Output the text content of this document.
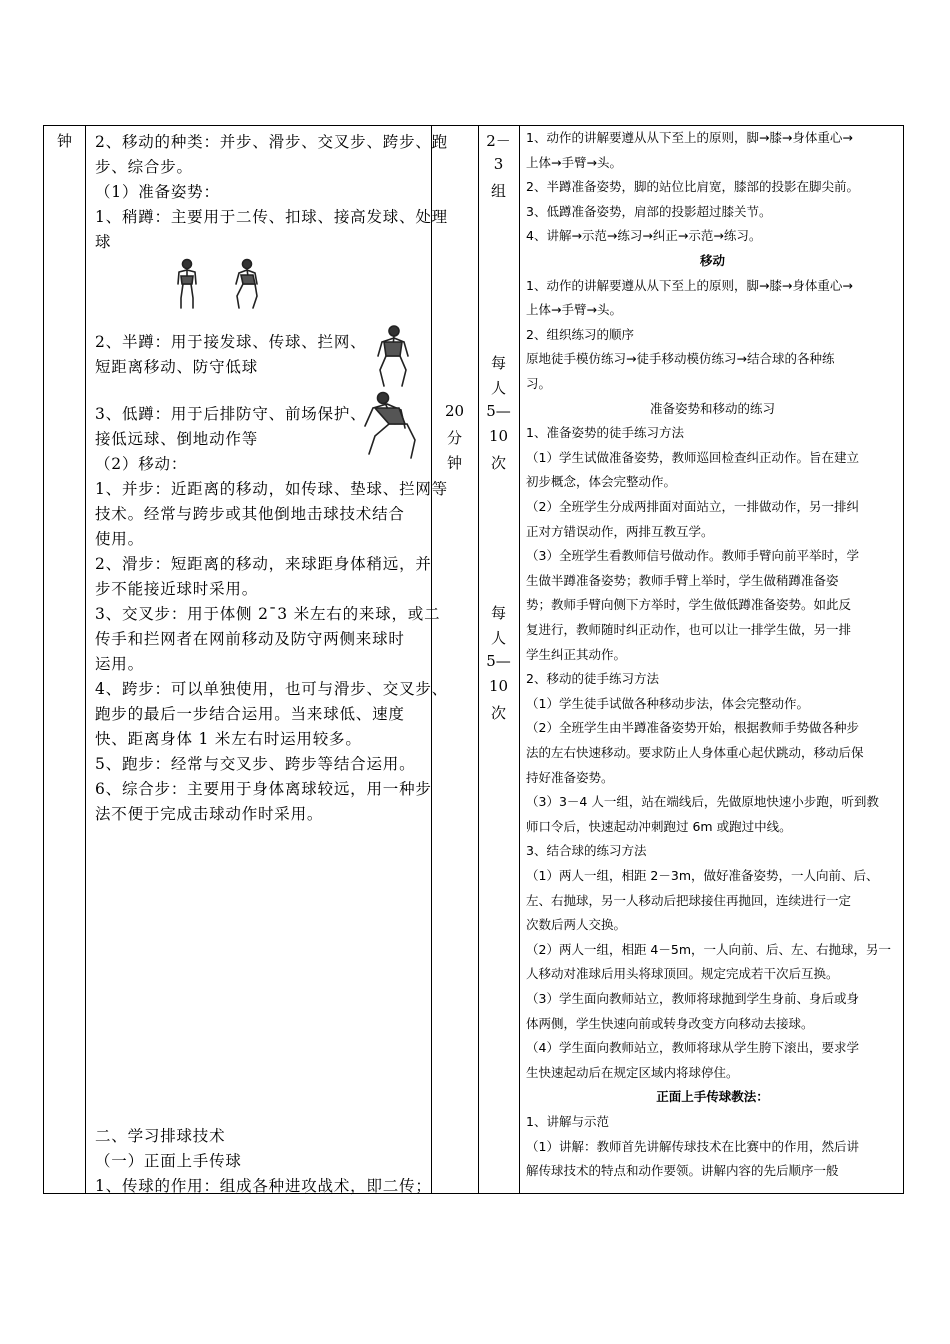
钟	2、移动的种类：并步、滑步、交叉步、跨步、跑
步、综合步。
（1）准备姿势：
1、稍蹲：主要用于二传、扣球、接高发球、处理
球
2、半蹲：用于接发球、传球、拦网、
短距离移动、防守低球
3、低蹲：用于后排防守、前场保护、
接低远球、倒地动作等
（2）移动：
1、并步：近距离的移动，如传球、垫球、拦网等
技术。经常与跨步或其他倒地击球技术结合
使用。
2、滑步：短距离的移动，来球距身体稍远，并
步不能接近球时采用。
3、交叉步：用于体侧 2¯3 米左右的来球，或二
传手和拦网者在网前移动及防守两侧来球时
运用。
4、跨步：可以单独使用，也可与滑步、交叉步、
跑步的最后一步结合运用。当来球低、速度
快、距离身体 1 米左右时运用较多。
5、跑步：经常与交叉步、跨步等结合运用。
6、综合步：主要用于身体离球较远，用一种步
法不便于完成击球动作时采用。
二、学习排球技术
（一）正面上手传球
1、传球的作用：组成各种进攻战术，即二传；
20
分
钟
2－
3
组
每
人
5—
10
次
每
人
5—
10
次
1、动作的讲解要遵从从下至上的原则，脚→膝→身体重心→
上体→手臂→头。
2、半蹲准备姿势，脚的站位比肩宽，膝部的投影在脚尖前。
3、低蹲准备姿势，肩部的投影超过膝关节。
4、讲解→示范→练习→纠正→示范→练习。
移动
1、动作的讲解要遵从从下至上的原则，脚→膝→身体重心→
上体→手臂→头。
2、组织练习的顺序
原地徒手模仿练习→徒手移动模仿练习→结合球的各种练
习。
准备姿势和移动的练习
1、准备姿势的徒手练习方法
（1）学生试做准备姿势，教师巡回检查纠正动作。旨在建立
初步概念，体会完整动作。
（2）全班学生分成两排面对面站立，一排做动作，另一排纠
正对方错误动作，两排互教互学。
（3）全班学生看教师信号做动作。教师手臂向前平举时，学
生做半蹲准备姿势；教师手臂上举时，学生做稍蹲准备姿
势；教师手臂向侧下方举时，学生做低蹲准备姿势。如此反
复进行，教师随时纠正动作，也可以让一排学生做，另一排
学生纠正其动作。
2、移动的徒手练习方法
（1）学生徒手试做各种移动步法，体会完整动作。
（2）全班学生由半蹲准备姿势开始，根据教师手势做各种步
法的左右快速移动。要求防止人身体重心起伏跳动，移动后保
持好准备姿势。
（3）3－4 人一组，站在端线后，先做原地快速小步跑，听到教
师口令后，快速起动冲刺跑过 6m 或跑过中线。
3、结合球的练习方法
（1）两人一组，相距 2－3m，做好准备姿势，一人向前、后、
左、右抛球，另一人移动后把球接住再抛回，连续进行一定
次数后两人交换。
（2）两人一组，相距 4－5m，一人向前、后、左、右抛球，另一
人移动对准球后用头将球顶回。规定完成若干次后互换。
（3）学生面向教师站立，教师将球抛到学生身前、身后或身
体两侧，学生快速向前或转身改变方向移动去接球。
（4）学生面向教师站立，教师将球从学生胯下滚出，要求学
生快速起动后在规定区域内将球停住。
正面上手传球教法：
1、讲解与示范
（1）讲解：教师首先讲解传球技术在比赛中的作用，然后讲
解传球技术的特点和动作要领。讲解内容的先后顺序一般
